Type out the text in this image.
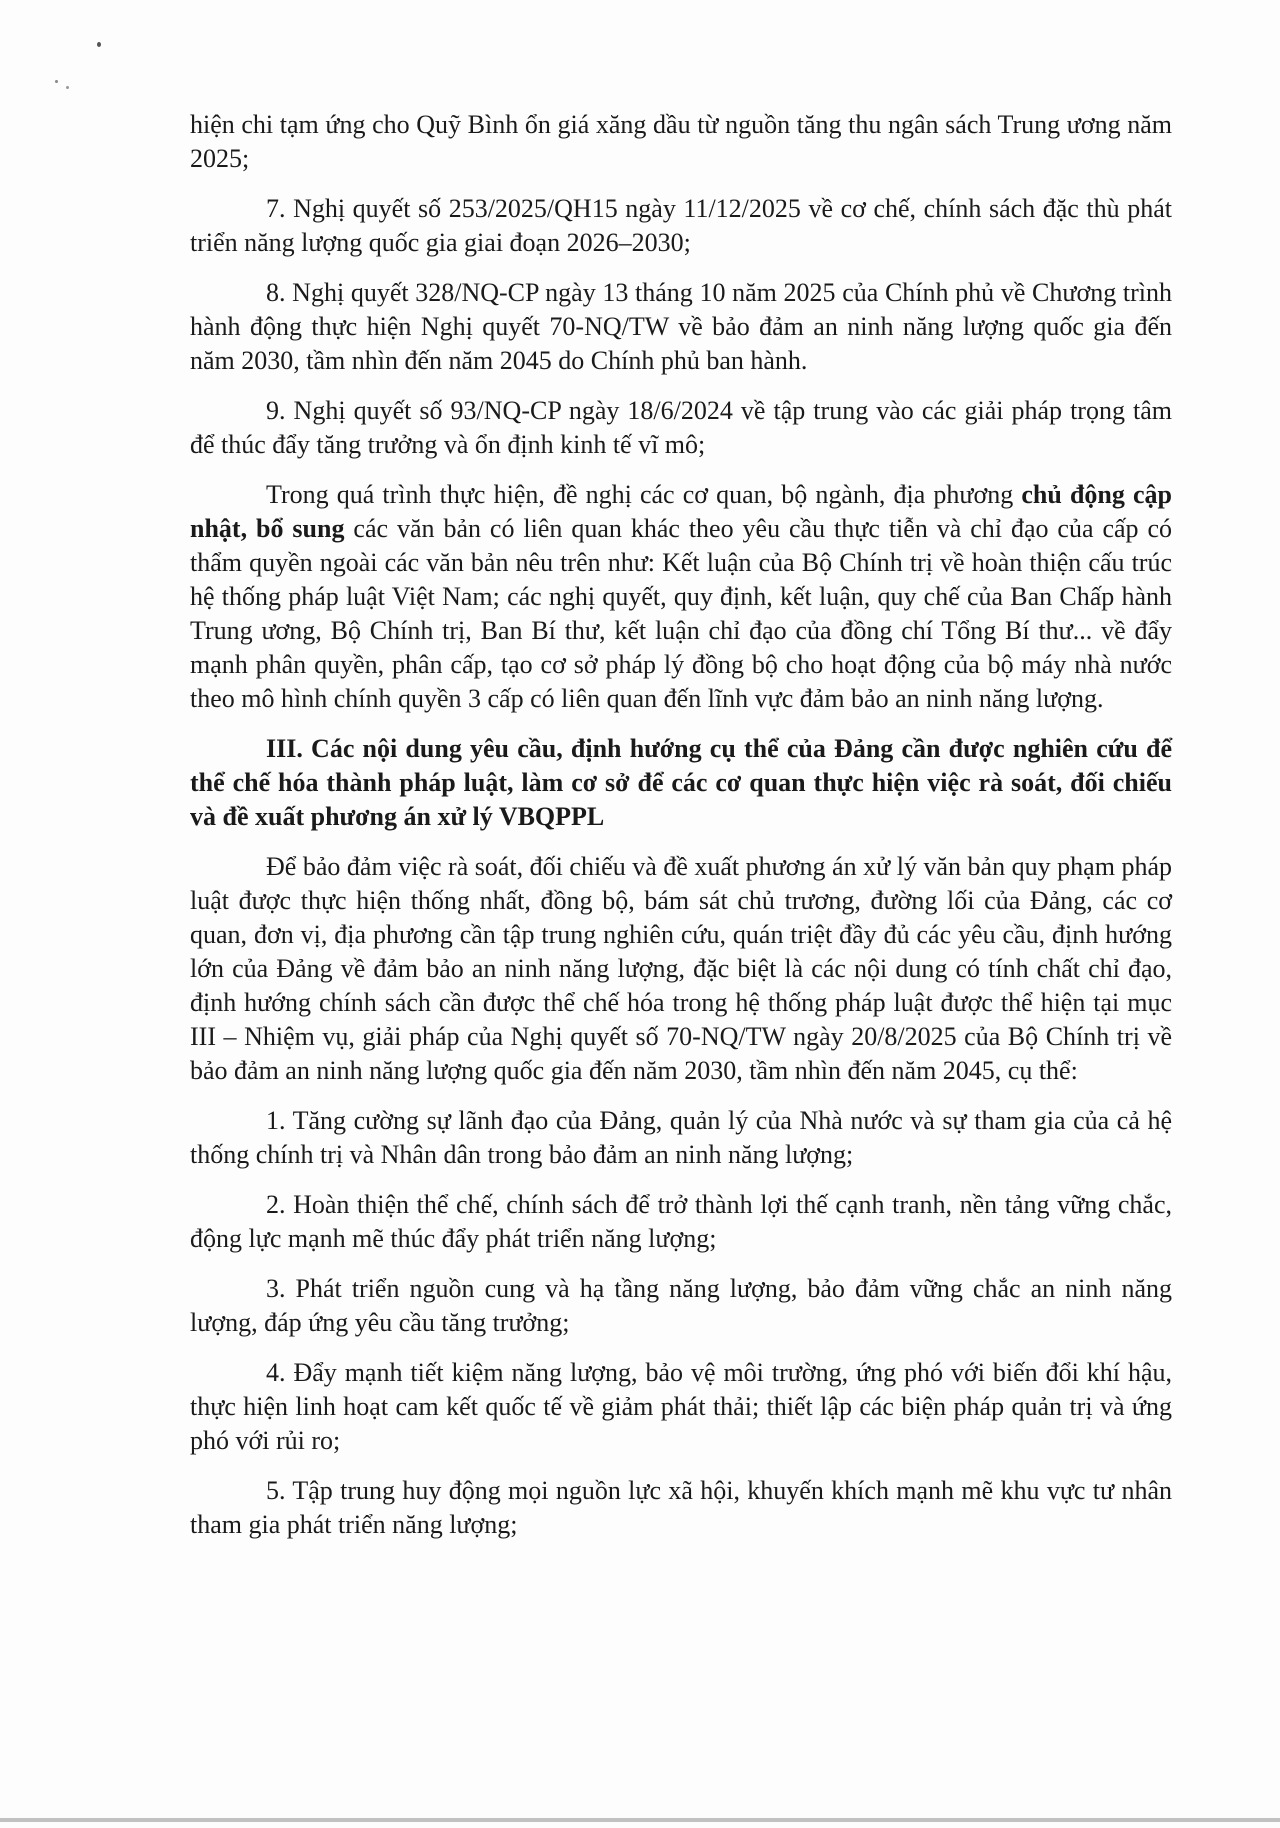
hiện chi tạm ứng cho Quỹ Bình ổn giá xăng dầu từ nguồn tăng thu ngân sách Trung ương năm 2025;

7. Nghị quyết số 253/2025/QH15 ngày 11/12/2025 về cơ chế, chính sách đặc thù phát triển năng lượng quốc gia giai đoạn 2026–2030;

8. Nghị quyết 328/NQ-CP ngày 13 tháng 10 năm 2025 của Chính phủ về Chương trình hành động thực hiện Nghị quyết 70-NQ/TW về bảo đảm an ninh năng lượng quốc gia đến năm 2030, tầm nhìn đến năm 2045 do Chính phủ ban hành.

9. Nghị quyết số 93/NQ-CP ngày 18/6/2024 về tập trung vào các giải pháp trọng tâm để thúc đẩy tăng trưởng và ổn định kinh tế vĩ mô;

Trong quá trình thực hiện, đề nghị các cơ quan, bộ ngành, địa phương chủ động cập nhật, bổ sung các văn bản có liên quan khác theo yêu cầu thực tiễn và chỉ đạo của cấp có thẩm quyền ngoài các văn bản nêu trên như: Kết luận của Bộ Chính trị về hoàn thiện cấu trúc hệ thống pháp luật Việt Nam; các nghị quyết, quy định, kết luận, quy chế của Ban Chấp hành Trung ương, Bộ Chính trị, Ban Bí thư, kết luận chỉ đạo của đồng chí Tổng Bí thư... về đẩy mạnh phân quyền, phân cấp, tạo cơ sở pháp lý đồng bộ cho hoạt động của bộ máy nhà nước theo mô hình chính quyền 3 cấp có liên quan đến lĩnh vực đảm bảo an ninh năng lượng.

III. Các nội dung yêu cầu, định hướng cụ thể của Đảng cần được nghiên cứu để thể chế hóa thành pháp luật, làm cơ sở để các cơ quan thực hiện việc rà soát, đối chiếu và đề xuất phương án xử lý VBQPPL

Để bảo đảm việc rà soát, đối chiếu và đề xuất phương án xử lý văn bản quy phạm pháp luật được thực hiện thống nhất, đồng bộ, bám sát chủ trương, đường lối của Đảng, các cơ quan, đơn vị, địa phương cần tập trung nghiên cứu, quán triệt đầy đủ các yêu cầu, định hướng lớn của Đảng về đảm bảo an ninh năng lượng, đặc biệt là các nội dung có tính chất chỉ đạo, định hướng chính sách cần được thể chế hóa trong hệ thống pháp luật được thể hiện tại mục III – Nhiệm vụ, giải pháp của Nghị quyết số 70-NQ/TW ngày 20/8/2025 của Bộ Chính trị về bảo đảm an ninh năng lượng quốc gia đến năm 2030, tầm nhìn đến năm 2045, cụ thể:

1. Tăng cường sự lãnh đạo của Đảng, quản lý của Nhà nước và sự tham gia của cả hệ thống chính trị và Nhân dân trong bảo đảm an ninh năng lượng;

2. Hoàn thiện thể chế, chính sách để trở thành lợi thế cạnh tranh, nền tảng vững chắc, động lực mạnh mẽ thúc đẩy phát triển năng lượng;

3. Phát triển nguồn cung và hạ tầng năng lượng, bảo đảm vững chắc an ninh năng lượng, đáp ứng yêu cầu tăng trưởng;

4. Đẩy mạnh tiết kiệm năng lượng, bảo vệ môi trường, ứng phó với biến đổi khí hậu, thực hiện linh hoạt cam kết quốc tế về giảm phát thải; thiết lập các biện pháp quản trị và ứng phó với rủi ro;

5. Tập trung huy động mọi nguồn lực xã hội, khuyến khích mạnh mẽ khu vực tư nhân tham gia phát triển năng lượng;
